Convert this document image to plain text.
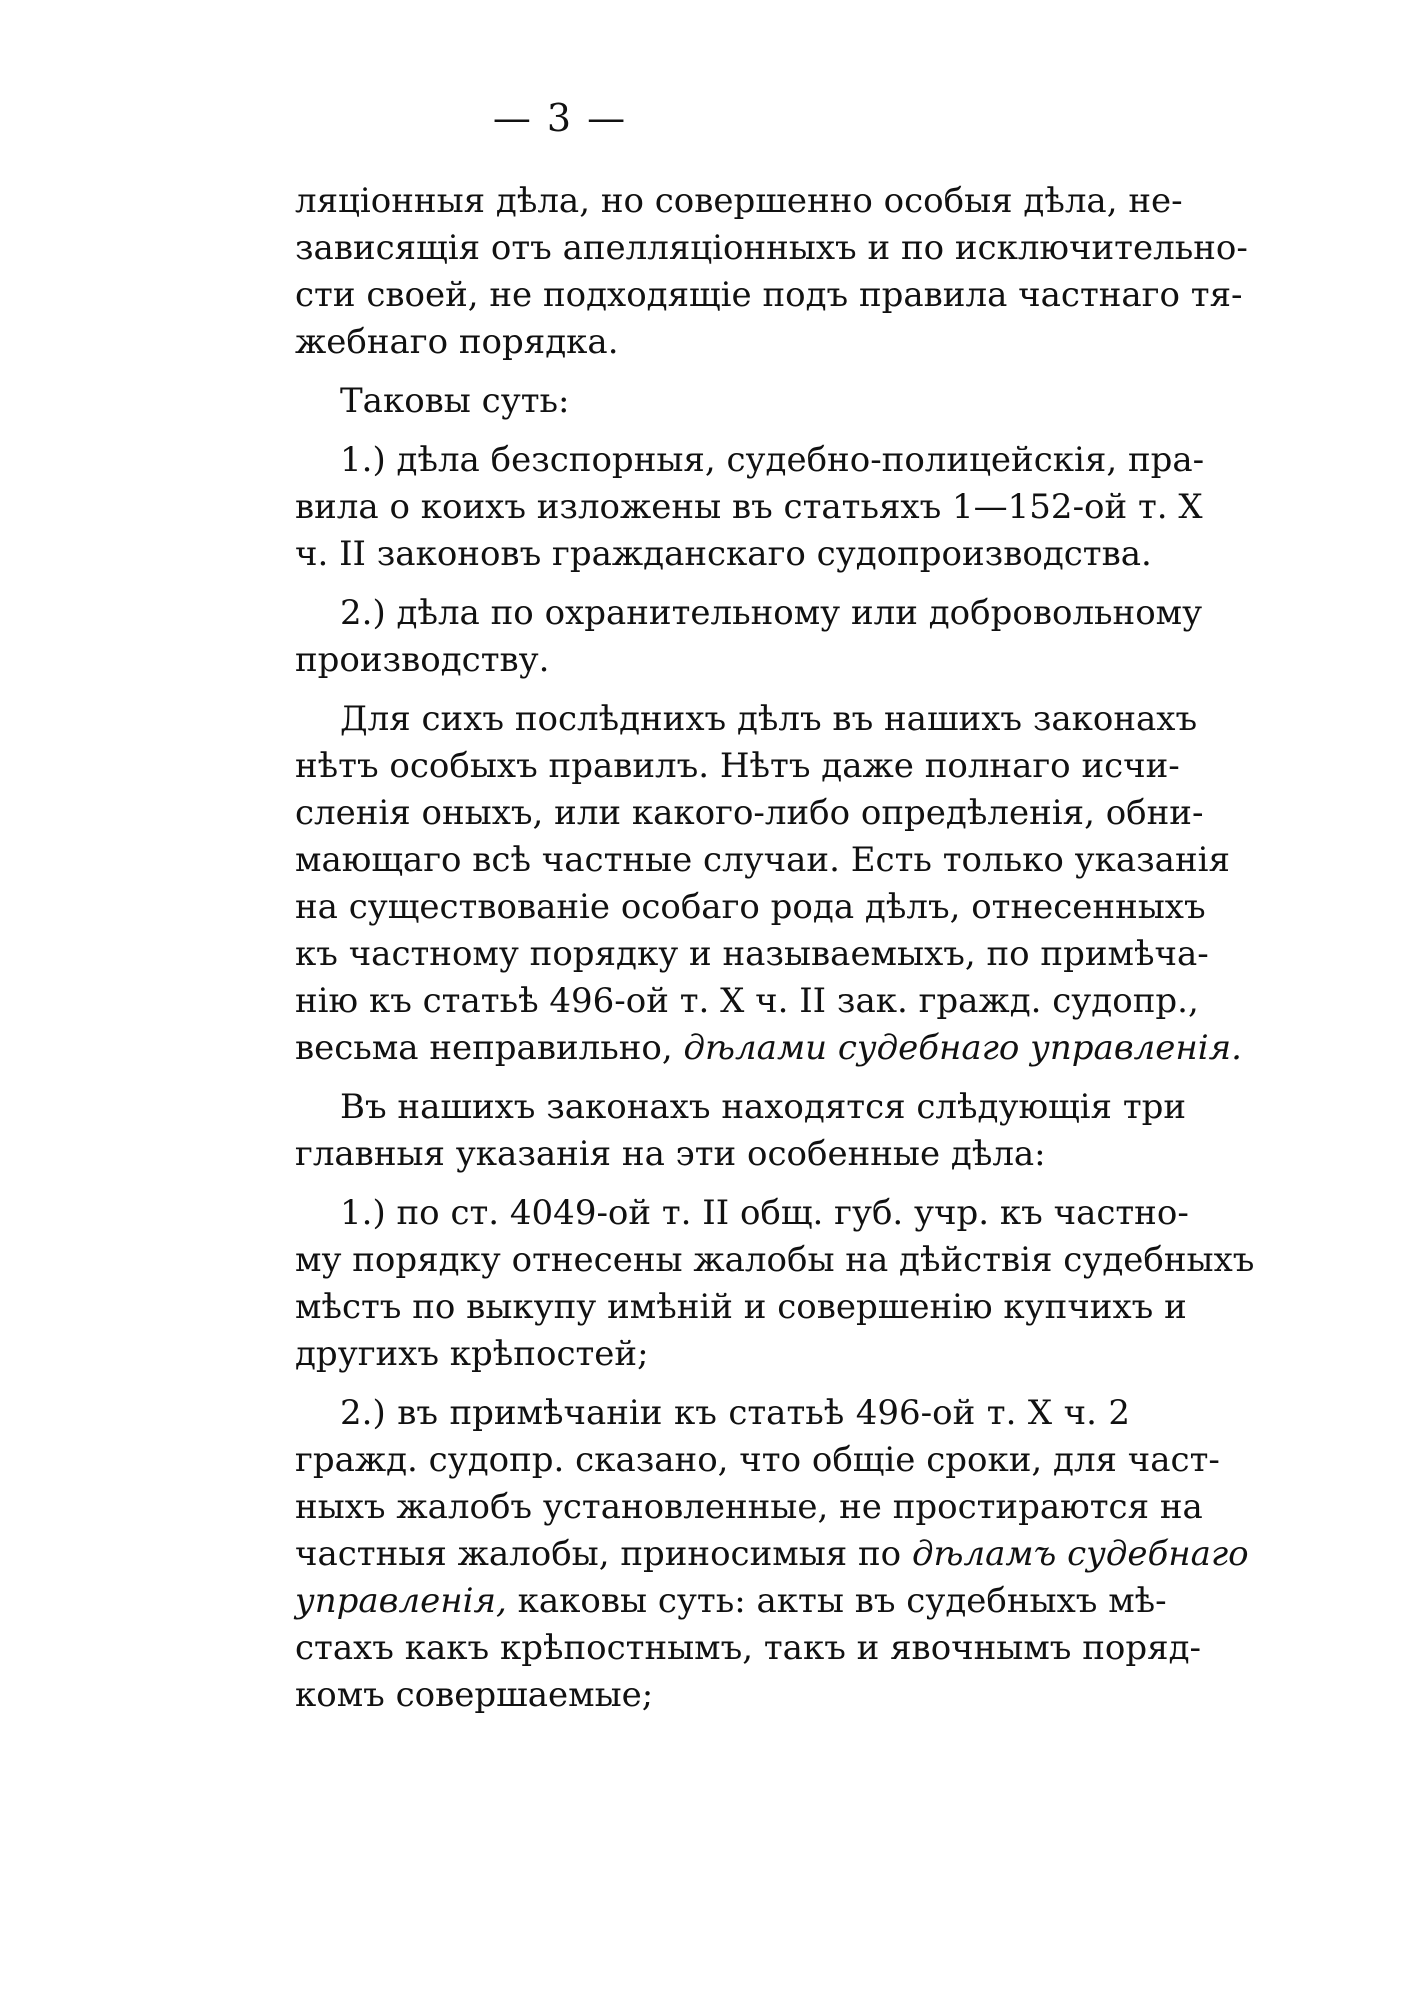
— 3 —
ляціонныя дѣла, но совершенно особыя дѣла, не-
зависящія отъ апелляціонныхъ и по исключительно-
сти своей, не подходящіе подъ правила частнаго тя-
жебнаго порядка.
Таковы суть:
1.) дѣла безспорныя, судебно-полицейскія, пра-
вила о коихъ изложены въ статьяхъ 1—152-ой т. X
ч. II законовъ гражданскаго судопроизводства.
2.) дѣла по охранительному или добровольному
производству.
Для сихъ послѣднихъ дѣлъ въ нашихъ законахъ
нѣтъ особыхъ правилъ. Нѣтъ даже полнаго исчи-
сленія оныхъ, или какого-либо опредѣленія, обни-
мающаго всѣ частные случаи. Есть только указанія
на существованіе особаго рода дѣлъ, отнесенныхъ
къ частному порядку и называемыхъ, по примѣча-
нію къ статьѣ 496-ой т. X ч. II зак. гражд. судопр.,
весьма неправильно, дѣлами судебнаго управленія.
Въ нашихъ законахъ находятся слѣдующія три
главныя указанія на эти особенные дѣла:
1.) по ст. 4049-ой т. II общ. губ. учр. къ частно-
му порядку отнесены жалобы на дѣйствія судебныхъ
мѣстъ по выкупу имѣній и совершенію купчихъ и
другихъ крѣпостей;
2.) въ примѣчаніи къ статьѣ 496-ой т. X ч. 2
гражд. судопр. сказано, что общіе сроки, для част-
ныхъ жалобъ установленные, не простираются на
частныя жалобы, приносимыя по дѣламъ судебнаго
управленія, каковы суть: акты въ судебныхъ мѣ-
стахъ какъ крѣпостнымъ, такъ и явочнымъ поряд-
комъ совершаемые;
